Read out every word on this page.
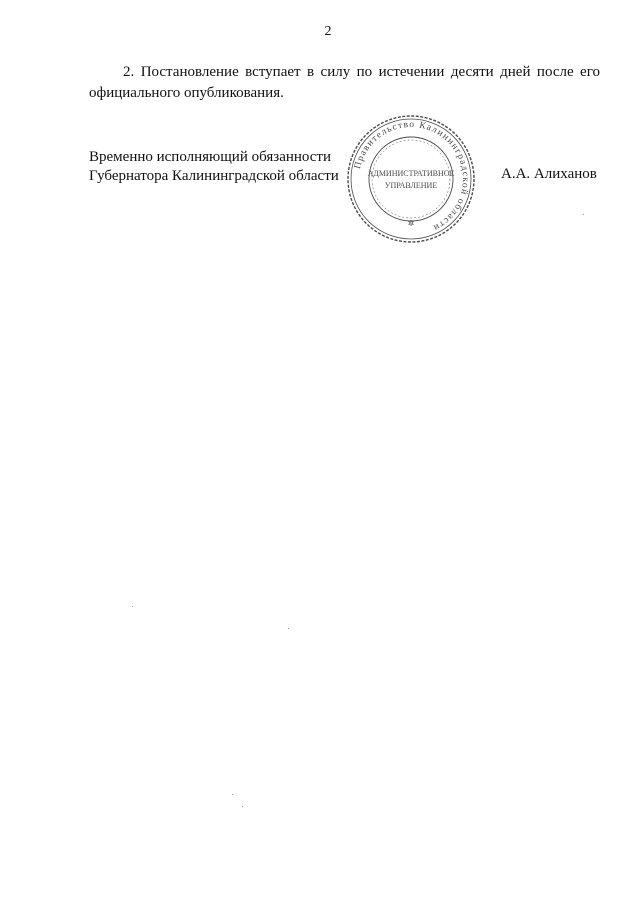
2

2. Постановление вступает в силу по истечении десяти дней после его официального опубликования.

Временно исполняющий обязанности
Губернатора Калининградской области
Правительство Калининградской области
АДМИНИСТРАТИВНОЕ
УПРАВЛЕНИЕ
✲
А.А. Алиханов
